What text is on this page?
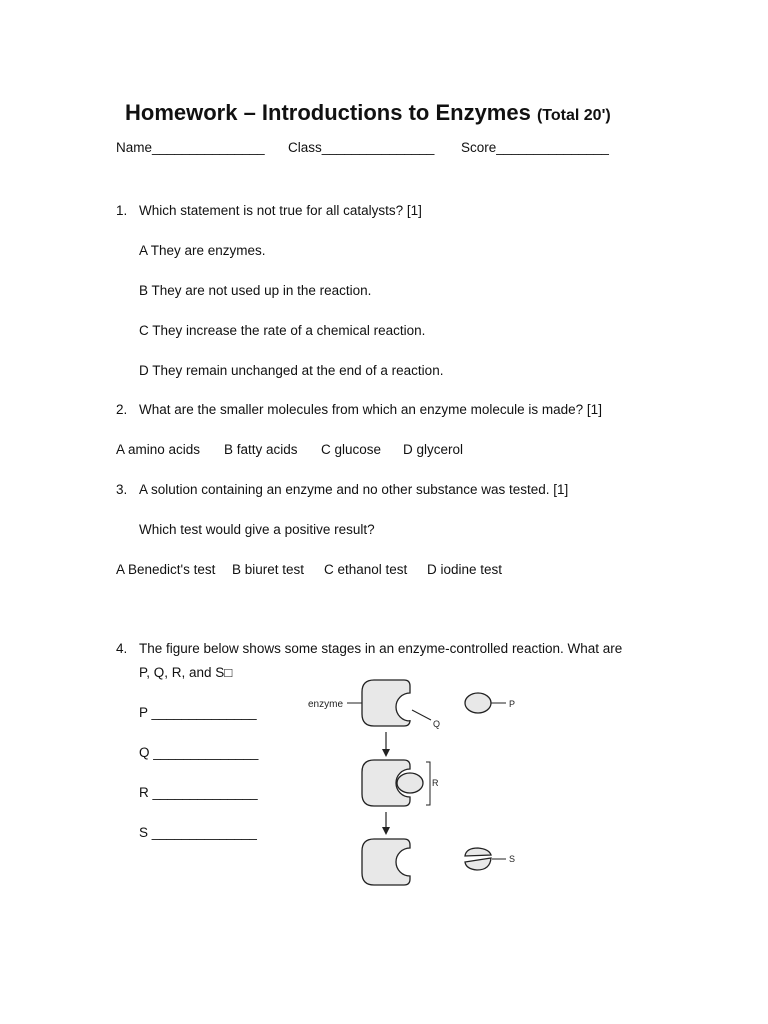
Homework – Introductions to Enzymes (Total 20')
Name_______________ Class_______________ Score_______________
1. Which statement is not true for all catalysts? [1]
A They are enzymes.
B They are not used up in the reaction.
C They increase the rate of a chemical reaction.
D They remain unchanged at the end of a reaction.
2. What are the smaller molecules from which an enzyme molecule is made? [1]
A amino acids B fatty acids C glucose D glycerol
3. A solution containing an enzyme and no other substance was tested. [1]
Which test would give a positive result?
A Benedict's test B biuret test C ethanol test D iodine test
4. The figure below shows some stages in an enzyme-controlled reaction. What are
P, Q, R, and S□
P ______________
Q ______________
R ______________
S ______________
enzyme
Q
P
R
S
